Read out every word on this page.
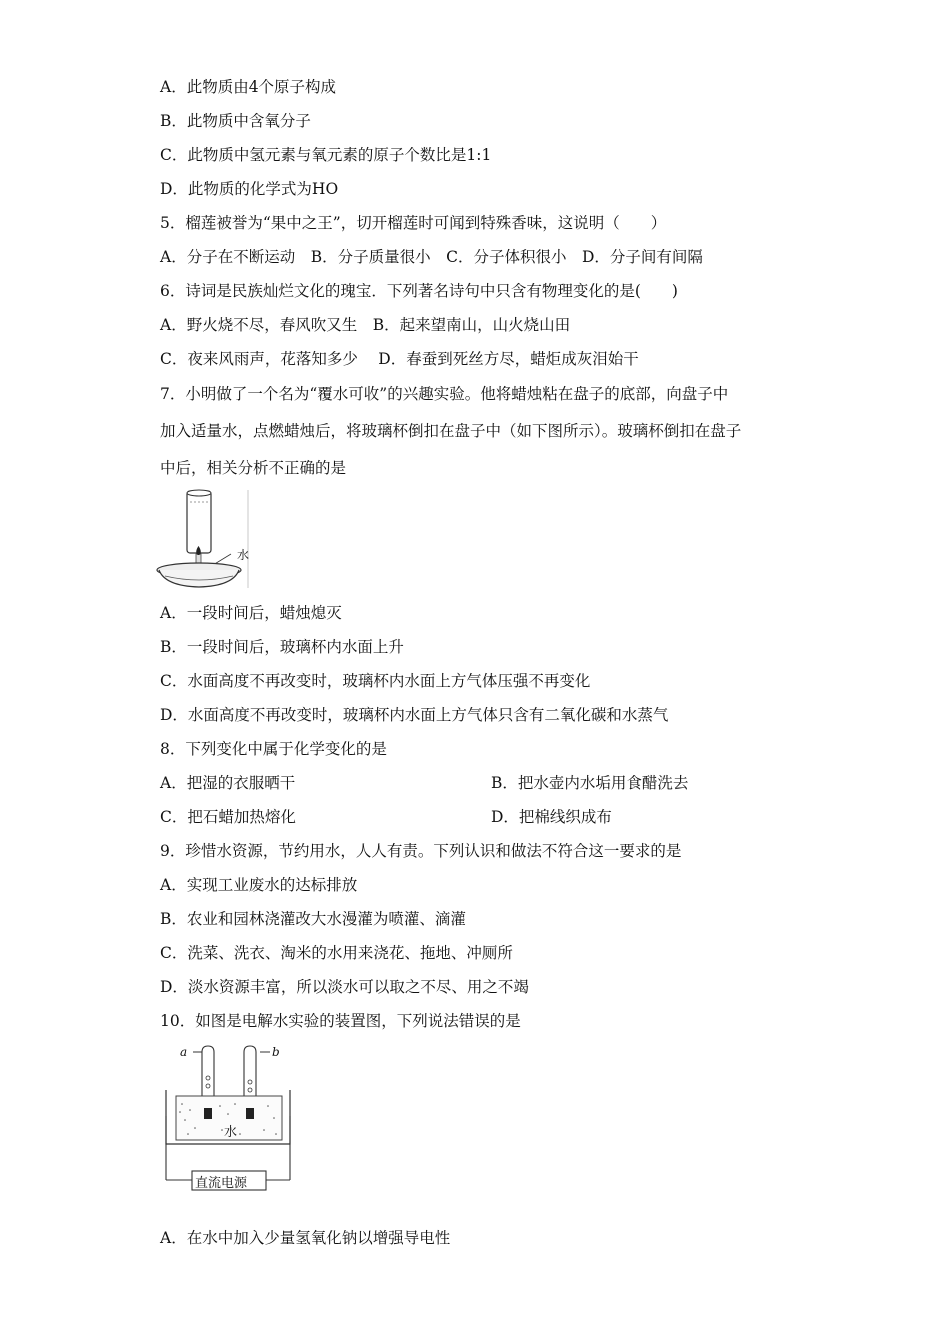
A．此物质由4个原子构成
B．此物质中含氧分子
C．此物质中氢元素与氧元素的原子个数比是1:1
D．此物质的化学式为HO
5．榴莲被誉为“果中之王”，切开榴莲时可闻到特殊香味，这说明（　　）
A．分子在不断运动　B．分子质量很小　C．分子体积很小　D．分子间有间隔
6．诗词是民族灿烂文化的瑰宝．下列著名诗句中只含有物理变化的是(　　)
A．野火烧不尽，春风吹又生　B．起来望南山，山火烧山田
C．夜来风雨声，花落知多少　 D．春蚕到死丝方尽，蜡炬成灰泪始干
7．小明做了一个名为“覆水可收”的兴趣实验。他将蜡烛粘在盘子的底部，向盘子中
加入适量水，点燃蜡烛后，将玻璃杯倒扣在盘子中（如下图所示）。玻璃杯倒扣在盘子
中后，相关分析不正确的是
水
A．一段时间后，蜡烛熄灭
B．一段时间后，玻璃杯内水面上升
C．水面高度不再改变时，玻璃杯内水面上方气体压强不再变化
D．水面高度不再改变时，玻璃杯内水面上方气体只含有二氧化碳和水蒸气
8．下列变化中属于化学变化的是
A．把湿的衣服晒干	B．把水壶内水垢用食醋洗去
C．把石蜡加热熔化	D．把棉线织成布
9．珍惜水资源，节约用水，人人有责。下列认识和做法不符合这一要求的是
A．实现工业废水的达标排放
B．农业和园林浇灌改大水漫灌为喷灌、滴灌
C．洗菜、洗衣、淘米的水用来浇花、拖地、冲厕所
D．淡水资源丰富，所以淡水可以取之不尽、用之不竭
10．如图是电解水实验的装置图，下列说法错误的是
a	b
水
直流电源
A．在水中加入少量氢氧化钠以增强导电性
